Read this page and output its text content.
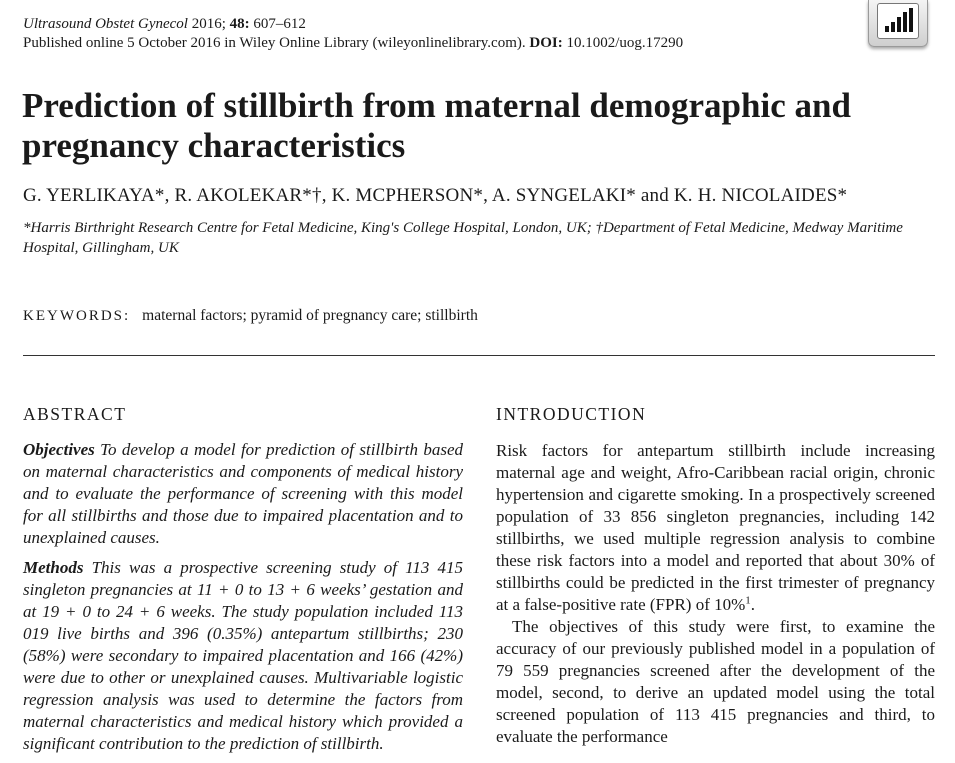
Ultrasound Obstet Gynecol 2016; 48: 607–612
Published online 5 October 2016 in Wiley Online Library (wileyonlinelibrary.com). DOI: 10.1002/uog.17290
Prediction of stillbirth from maternal demographic and pregnancy characteristics
G. YERLIKAYA*, R. AKOLEKAR*†, K. MCPHERSON*, A. SYNGELAKI* and K. H. NICOLAIDES*
*Harris Birthright Research Centre for Fetal Medicine, King's College Hospital, London, UK; †Department of Fetal Medicine, Medway Maritime Hospital, Gillingham, UK
KEYWORDS: maternal factors; pyramid of pregnancy care; stillbirth
ABSTRACT	INTRODUCTION

Objectives To develop a model for prediction of stillbirth based on maternal characteristics and components of medical history and to evaluate the performance of screening with this model for all stillbirths and those due to impaired placentation and to unexplained causes.

Methods This was a prospective screening study of 113 415 singleton pregnancies at 11 + 0 to 13 + 6 weeks’ gestation and at 19 + 0 to 24 + 6 weeks. The study population included 113 019 live births and 396 (0.35%) antepartum stillbirths; 230 (58%) were secondary to impaired placentation and 166 (42%) were due to other or unexplained causes. Multivariable logistic regression analysis was used to determine the factors from maternal characteristics and medical history which provided a significant contribution to the prediction of stillbirth.

Risk factors for antepartum stillbirth include increasing maternal age and weight, Afro-Caribbean racial origin, chronic hypertension and cigarette smoking. In a prospectively screened population of 33 856 singleton pregnancies, including 142 stillbirths, we used multiple regression analysis to combine these risk factors into a model and reported that about 30% of stillbirths could be predicted in the first trimester of pregnancy at a false-positive rate (FPR) of 10%$^1$.

The objectives of this study were first, to examine the accuracy of our previously published model in a population of 79 559 pregnancies screened after the development of the model, second, to derive an updated model using the total screened population of 113 415 pregnancies and third, to evaluate the performance
